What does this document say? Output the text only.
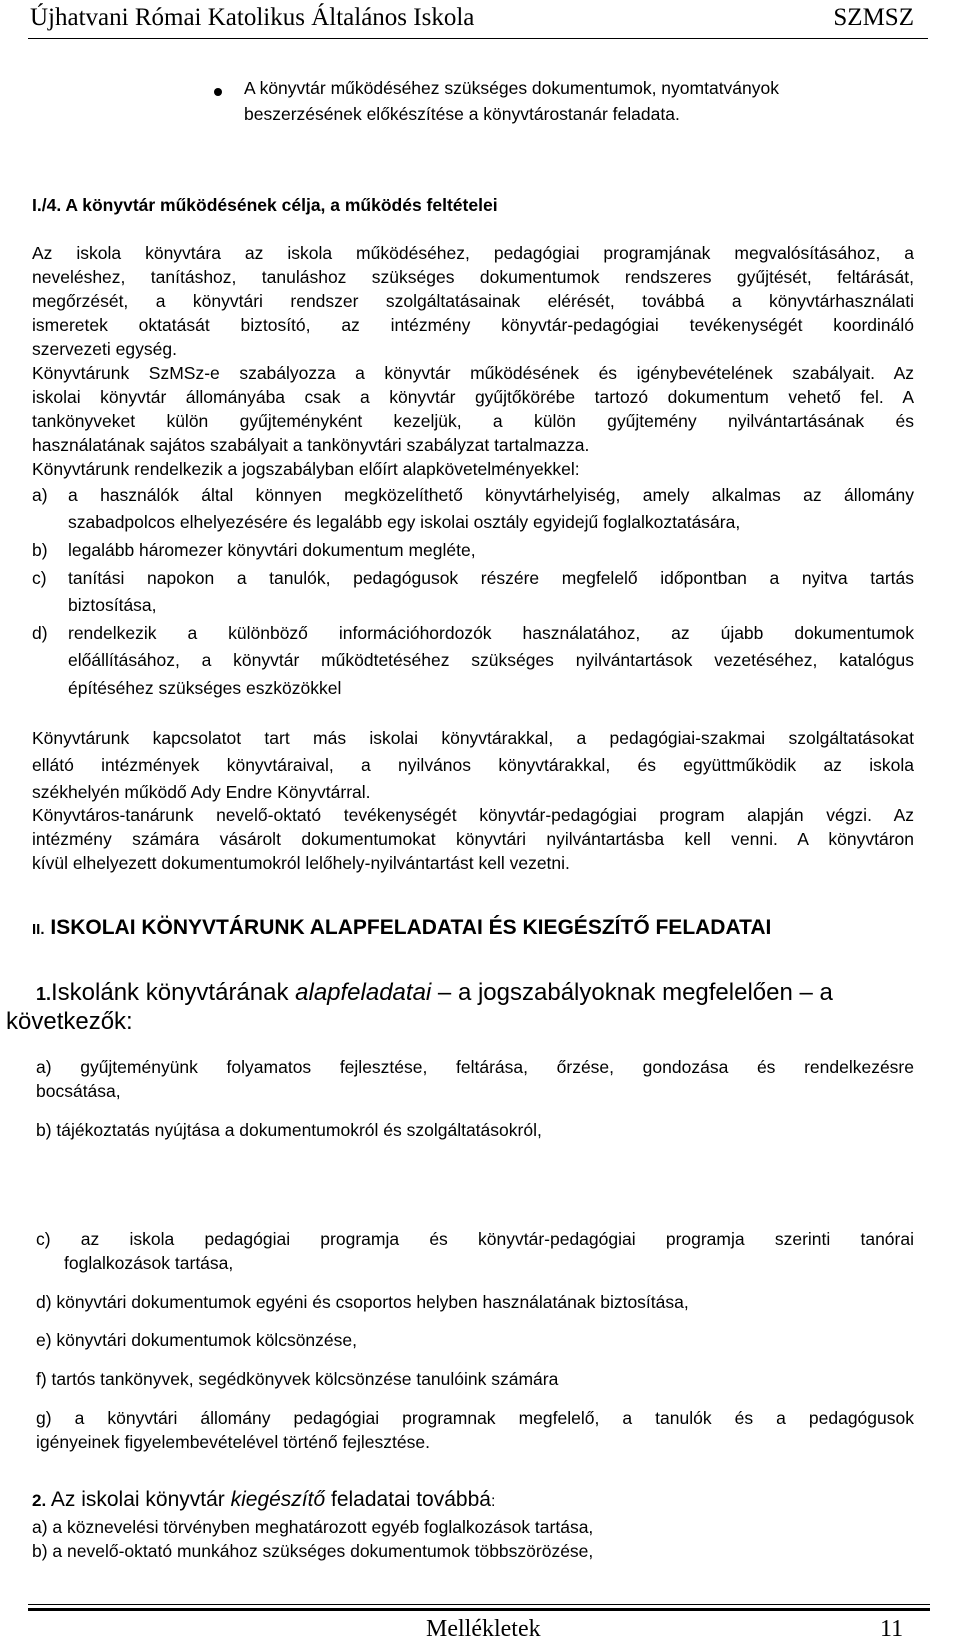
Újhatvani Római Katolikus Általános Iskola	SZMSZ
A könyvtár működéséhez szükséges dokumentumok, nyomtatványok
beszerzésének előkészítése a könyvtárostanár feladata.
I./4. A könyvtár működésének célja, a működés feltételei
Az iskola könyvtára az iskola működéséhez, pedagógiai programjának megvalósításához, a
neveléshez, tanításhoz, tanuláshoz szükséges dokumentumok rendszeres gyűjtését, feltárását,
megőrzését, a könyvtári rendszer szolgáltatásainak elérését, továbbá a könyvtárhasználati
ismeretek oktatását biztosító, az intézmény könyvtár-pedagógiai tevékenységét koordináló
szervezeti egység.
Könyvtárunk SzMSz-e szabályozza a könyvtár működésének és igénybevételének szabályait. Az
iskolai könyvtár állományába csak a könyvtár gyűjtőkörébe tartozó dokumentum vehető fel. A
tankönyveket külön gyűjteményként kezeljük, a külön gyűjtemény nyilvántartásának és
használatának sajátos szabályait a tankönyvtári szabályzat tartalmazza.
Könyvtárunk rendelkezik a jogszabályban előírt alapkövetelményekkel:
a) a használók által könnyen megközelíthető könyvtárhelyiség, amely alkalmas az állomány
szabadpolcos elhelyezésére és legalább egy iskolai osztály egyidejű foglalkoztatására,
b) legalább háromezer könyvtári dokumentum megléte,
c) tanítási napokon a tanulók, pedagógusok részére megfelelő időpontban a nyitva tartás
biztosítása,
d) rendelkezik a különböző információhordozók használatához, az újabb dokumentumok
előállításához, a könyvtár működtetéséhez szükséges nyilvántartások vezetéséhez, katalógus
építéséhez szükséges eszközökkel
Könyvtárunk kapcsolatot tart más iskolai könyvtárakkal, a pedagógiai-szakmai szolgáltatásokat
ellátó intézmények könyvtáraival, a nyilvános könyvtárakkal, és együttműködik az iskola
székhelyén működő Ady Endre Könyvtárral.
Könyvtáros-tanárunk nevelő-oktató tevékenységét könyvtár-pedagógiai program alapján végzi. Az
intézmény számára vásárolt dokumentumokat könyvtári nyilvántartásba kell venni. A könyvtáron
kívül elhelyezett dokumentumokról lelőhely-nyilvántartást kell vezetni.
II. ISKOLAI KÖNYVTÁRUNK ALAPFELADATAI ÉS KIEGÉSZÍTŐ FELADATAI
1.Iskolánk könyvtárának alapfeladatai – a jogszabályoknak megfelelően – a
következők:
a) gyűjteményünk folyamatos fejlesztése, feltárása, őrzése, gondozása és rendelkezésre
bocsátása,
b) tájékoztatás nyújtása a dokumentumokról és szolgáltatásokról,
c) az iskola pedagógiai programja és könyvtár-pedagógiai programja szerinti tanórai
foglalkozások tartása,
d) könyvtári dokumentumok egyéni és csoportos helyben használatának biztosítása,
e) könyvtári dokumentumok kölcsönzése,
f) tartós tankönyvek, segédkönyvek kölcsönzése tanulóink számára
g) a könyvtári állomány pedagógiai programnak megfelelő, a tanulók és a pedagógusok
igényeinek figyelembevételével történő fejlesztése.
2. Az iskolai könyvtár kiegészítő feladatai továbbá:
a) a köznevelési törvényben meghatározott egyéb foglalkozások tartása,
b) a nevelő-oktató munkához szükséges dokumentumok többszörözése,
Mellékletek	11
